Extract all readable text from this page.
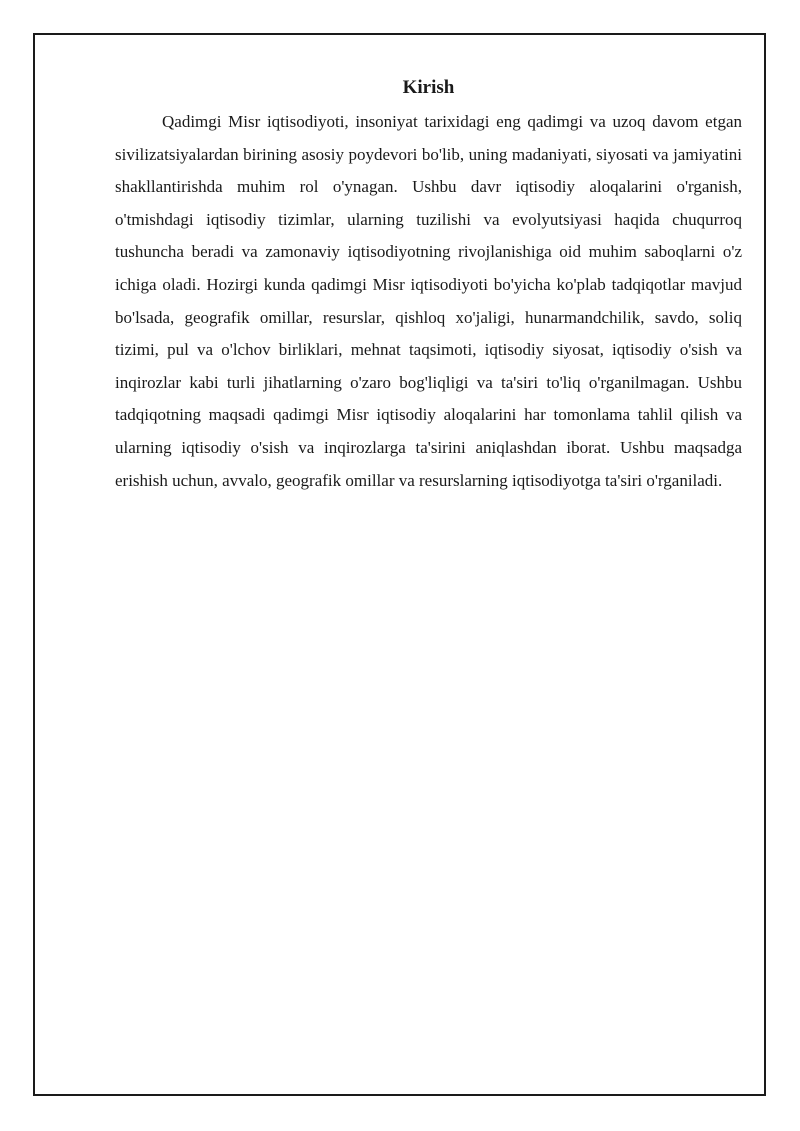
Kirish

Qadimgi Misr iqtisodiyoti, insoniyat tarixidagi eng qadimgi va uzoq davom etgan sivilizatsiyalardan birining asosiy poydevori bo'lib, uning madaniyati, siyosati va jamiyatini shakllantirishda muhim rol o'ynagan. Ushbu davr iqtisodiy aloqalarini o'rganish, o'tmishdagi iqtisodiy tizimlar, ularning tuzilishi va evolyutsiyasi haqida chuqurroq tushuncha beradi va zamonaviy iqtisodiyotning rivojlanishiga oid muhim saboqlarni o'z ichiga oladi. Hozirgi kunda qadimgi Misr iqtisodiyoti bo'yicha ko'plab tadqiqotlar mavjud bo'lsada, geografik omillar, resurslar, qishloq xo'jaligi, hunarmandchilik, savdo, soliq tizimi, pul va o'lchov birliklari, mehnat taqsimoti, iqtisodiy siyosat, iqtisodiy o'sish va inqirozlar kabi turli jihatlarning o'zaro bog'liqligi va ta'siri to'liq o'rganilmagan. Ushbu tadqiqotning maqsadi qadimgi Misr iqtisodiy aloqalarini har tomonlama tahlil qilish va ularning iqtisodiy o'sish va inqirozlarga ta'sirini aniqlashdan iborat. Ushbu maqsadga erishish uchun, avvalo, geografik omillar va resurslarning iqtisodiyotga ta'siri o'rganiladi.
